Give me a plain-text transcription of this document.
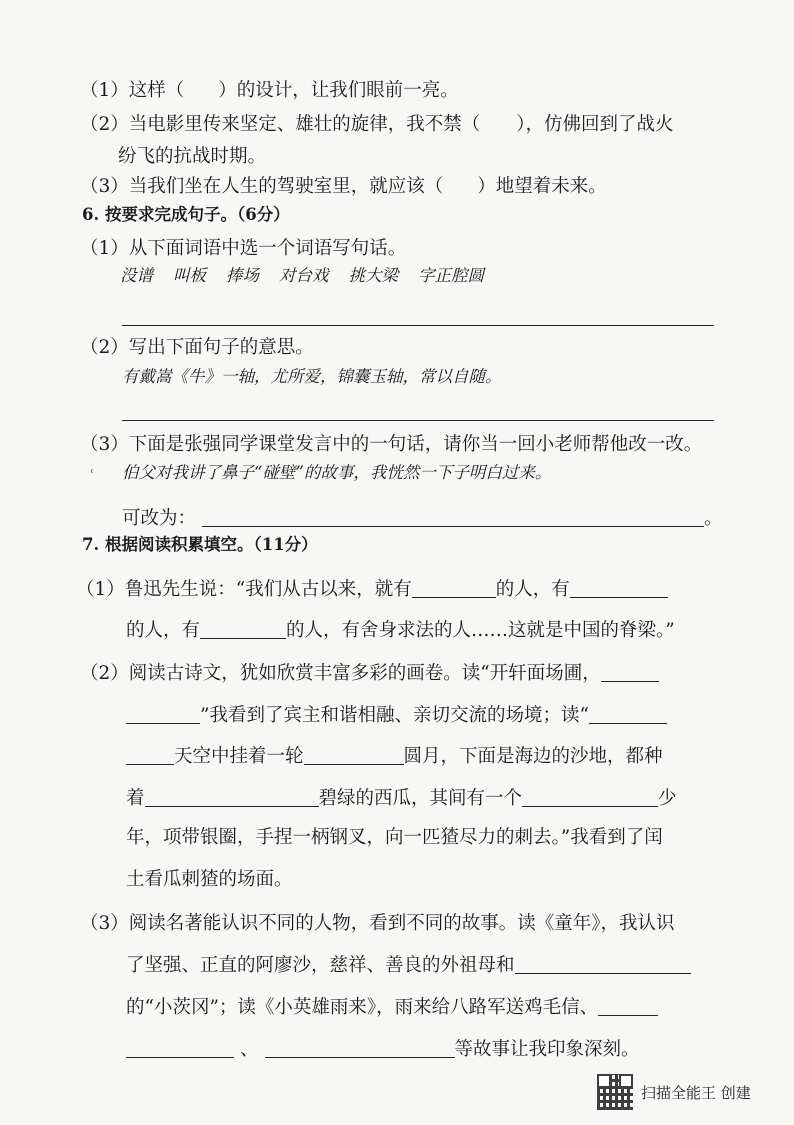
（1）这样（ ）的设计，让我们眼前一亮。
（2）当电影里传来坚定、雄壮的旋律，我不禁（ ），仿佛回到了战火
纷飞的抗战时期。
（3）当我们坐在人生的驾驶室里，就应该（ ）地望着未来。
6. 按要求完成句子。（6分）
（1）从下面词语中选一个词语写句话。
没谱 叫板 捧场 对台戏 挑大梁 字正腔圆
（2）写出下面句子的意思。
有戴嵩《牛》一轴，尤所爱，锦囊玉轴，常以自随。
（3）下面是张强同学课堂发言中的一句话，请你当一回小老师帮他改一改。
ʿ 伯父对我讲了鼻子“碰壁”的故事，我恍然一下子明白过来。
可改为：	。
7. 根据阅读积累填空。（11分）
（1）鲁迅先生说：“我们从古以来，就有	的人，有
的人，有	的人，有舍身求法的人……这就是中国的脊梁。”
（2）阅读古诗文，犹如欣赏丰富多彩的画卷。读“开轩面场圃，
”我看到了宾主和谐相融、亲切交流的场境；读“
天空中挂着一轮	圆月，下面是海边的沙地，都种
着	碧绿的西瓜，其间有一个	少
年，项带银圈，手捏一柄钢叉，向一匹猹尽力的刺去。”我看到了闰
土看瓜刺猹的场面。
（3）阅读名著能认识不同的人物，看到不同的故事。读《童年》，我认识
了坚强、正直的阿廖沙，慈祥、善良的外祖母和
的“小茨冈”；读《小英雄雨来》，雨来给八路军送鸡毛信、
、	等故事让我印象深刻。
扫描全能王 创建
